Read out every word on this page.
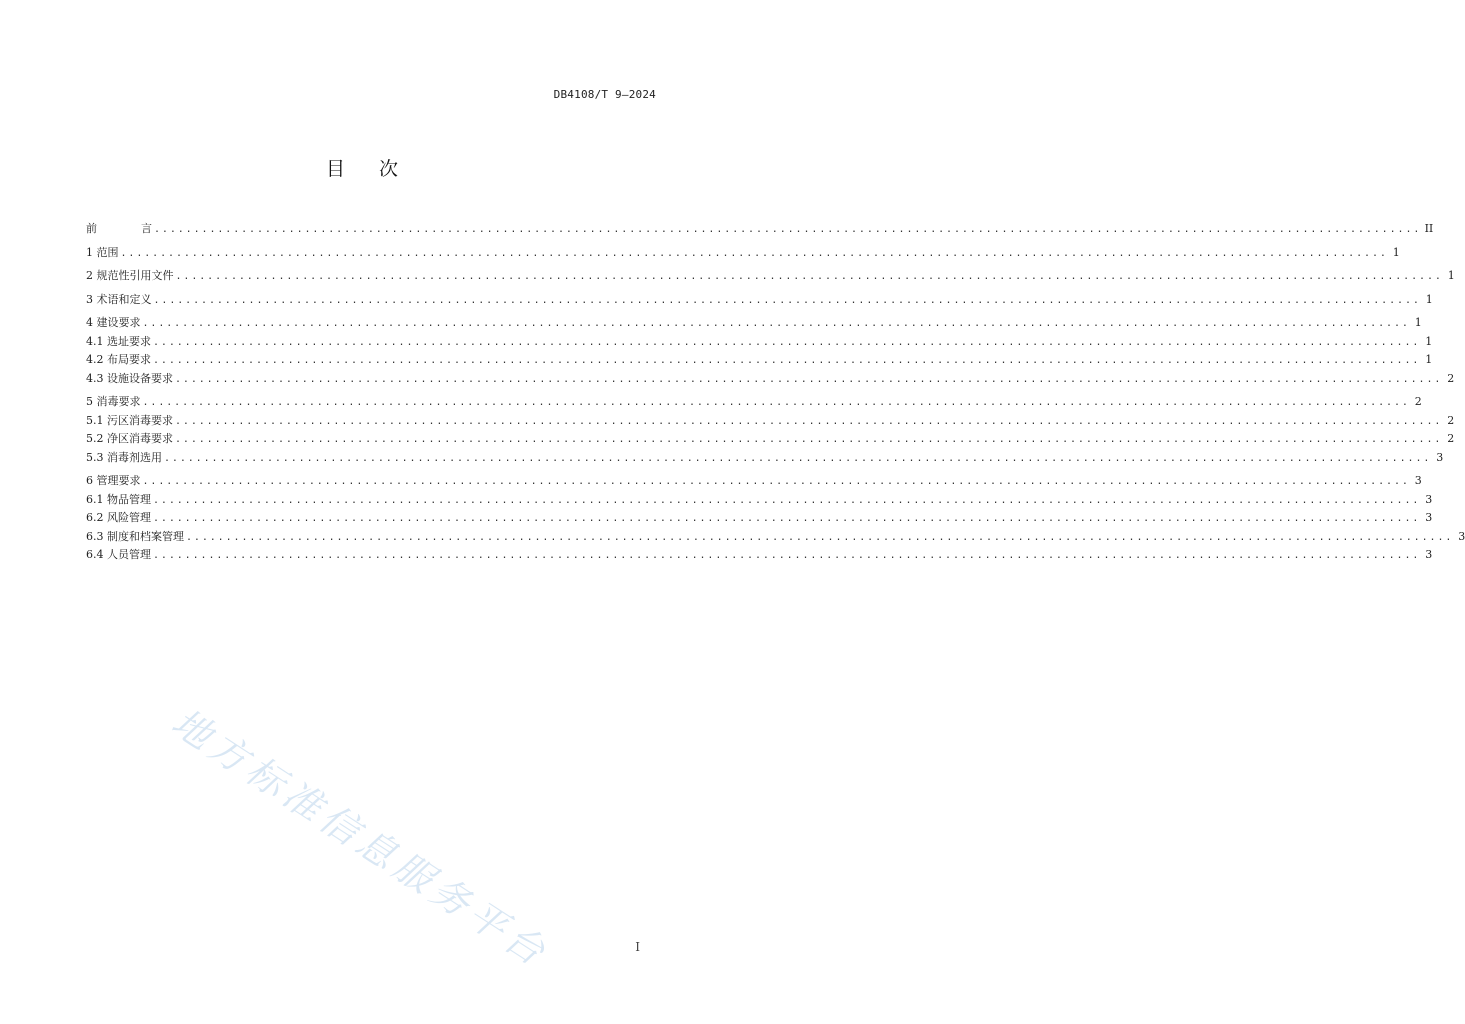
DB4108/T 9—2024
目 次
前	言 ................................................................................................................................................................ II
1 范围 ................................................................................................................................................................ 1
2 规范性引用文件 ................................................................................................................................................................ 1
3 术语和定义 ................................................................................................................................................................ 1
4 建设要求 ................................................................................................................................................................ 1
4.1 选址要求 ................................................................................................................................................................ 1
4.2 布局要求 ................................................................................................................................................................ 1
4.3 设施设备要求 ................................................................................................................................................................ 2
5 消毒要求 ................................................................................................................................................................ 2
5.1 污区消毒要求 ................................................................................................................................................................ 2
5.2 净区消毒要求 ................................................................................................................................................................ 2
5.3 消毒剂选用 ................................................................................................................................................................ 3
6 管理要求 ................................................................................................................................................................ 3
6.1 物品管理 ................................................................................................................................................................ 3
6.2 风险管理 ................................................................................................................................................................ 3
6.3 制度和档案管理 ................................................................................................................................................................ 3
6.4 人员管理 ................................................................................................................................................................ 3
地方标准信息服务平台	I
